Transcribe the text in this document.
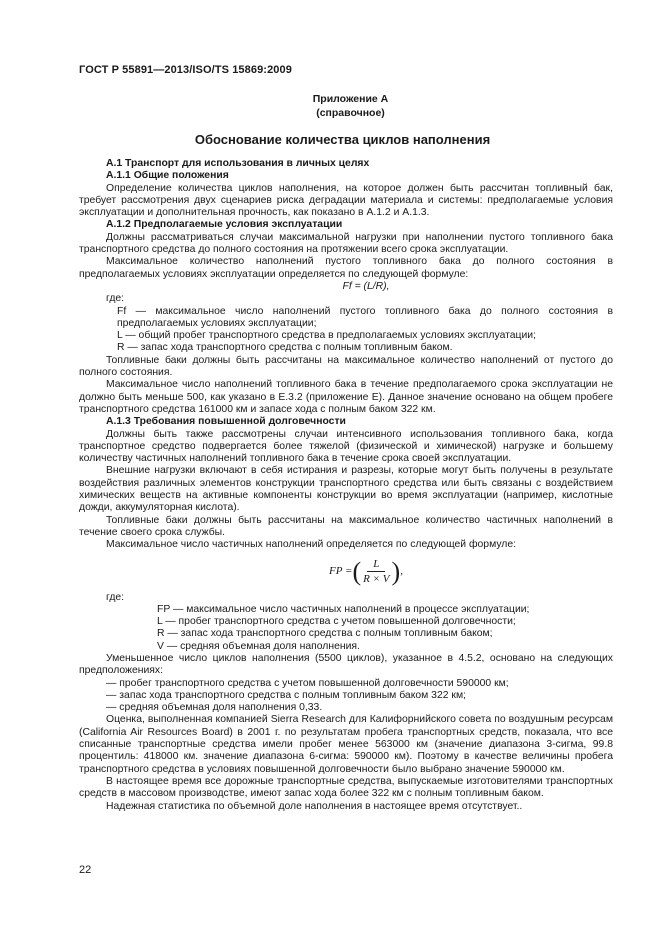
ГОСТ Р 55891—2013/ISO/TS 15869:2009
Приложение А
(справочное)
Обоснование количества циклов наполнения

А.1 Транспорт для использования в личных целях

А.1.1 Общие положения

Определение количества циклов наполнения, на которое должен быть рассчитан топливный бак, требует рассмотрения двух сценариев риска деградации материала и системы: предполагаемые условия эксплуатации и дополнительная прочность, как показано в А.1.2 и А.1.3.

А.1.2 Предполагаемые условия эксплуатации

Должны рассматриваться случаи максимальной нагрузки при наполнении пустого топливного бака транспортного средства до полного состояния на протяжении всего срока эксплуатации.

Максимальное количество наполнений пустого топливного бака до полного состояния в предполагаемых условиях эксплуатации определяется по следующей формуле:

Ff = (L/R),

где:

Ff — максимальное число наполнений пустого топливного бака до полного состояния в предполагаемых условиях эксплуатации;

L — общий пробег транспортного средства в предполагаемых условиях эксплуатации;

R — запас хода транспортного средства с полным топливным баком.

Топливные баки должны быть рассчитаны на максимальное количество наполнений от пустого до полного состояния.

Максимальное число наполнений топливного бака в течение предполагаемого срока эксплуатации не должно быть меньше 500, как указано в Е.3.2 (приложение Е). Данное значение основано на общем пробеге транспортного средства 161000 км и запасе хода с полным баком 322 км.

А.1.3 Требования повышенной долговечности

Должны быть также рассмотрены случаи интенсивного использования топливного бака, когда транспортное средство подвергается более тяжелой (физической и химической) нагрузке и большему количеству частичных наполнений топливного бака в течение срока своей эксплуатации.

Внешние нагрузки включают в себя истирания и разрезы, которые могут быть получены в результате воздействия различных элементов конструкции транспортного средства или быть связаны с воздействием химических веществ на активные компоненты конструкции во время эксплуатации (например, кислотные дожди, аккумуляторная кислота).

Топливные баки должны быть рассчитаны на максимальное количество частичных наполнений в течение своего срока службы.

Максимальное число частичных наполнений определяется по следующей формуле:

FP = ( $\frac{L}{R \times V}$ ) ,

где:

FP — максимальное число частичных наполнений в процессе эксплуатации;

L — пробег транспортного средства с учетом повышенной долговечности;

R — запас хода транспортного средства с полным топливным баком;

V — средняя объемная доля наполнения.

Уменьшенное число циклов наполнения (5500 циклов), указанное в 4.5.2, основано на следующих предположениях:

— пробег транспортного средства с учетом повышенной долговечности 590000 км;

— запас хода транспортного средства с полным топливным баком 322 км;

— средняя объемная доля наполнения 0,33.

Оценка, выполненная компанией Sierra Research для Калифорнийского совета по воздушным ресурсам (California Air Resources Board) в 2001 г. по результатам пробега транспортных средств, показала, что все списанные транспортные средства имели пробег менее 563000 км (значение диапазона 3-сигма, 99.8 процентиль: 418000 км. значение диапазона 6-сигма: 590000 км). Поэтому в качестве величины пробега транспортного средства в условиях повышенной долговечности было выбрано значение 590000 км.

В настоящее время все дорожные транспортные средства, выпускаемые изготовителями транспортных средств в массовом производстве, имеют запас хода более 322 км с полным топливным баком.

Надежная статистика по объемной доле наполнения в настоящее время отсутствует..

22
